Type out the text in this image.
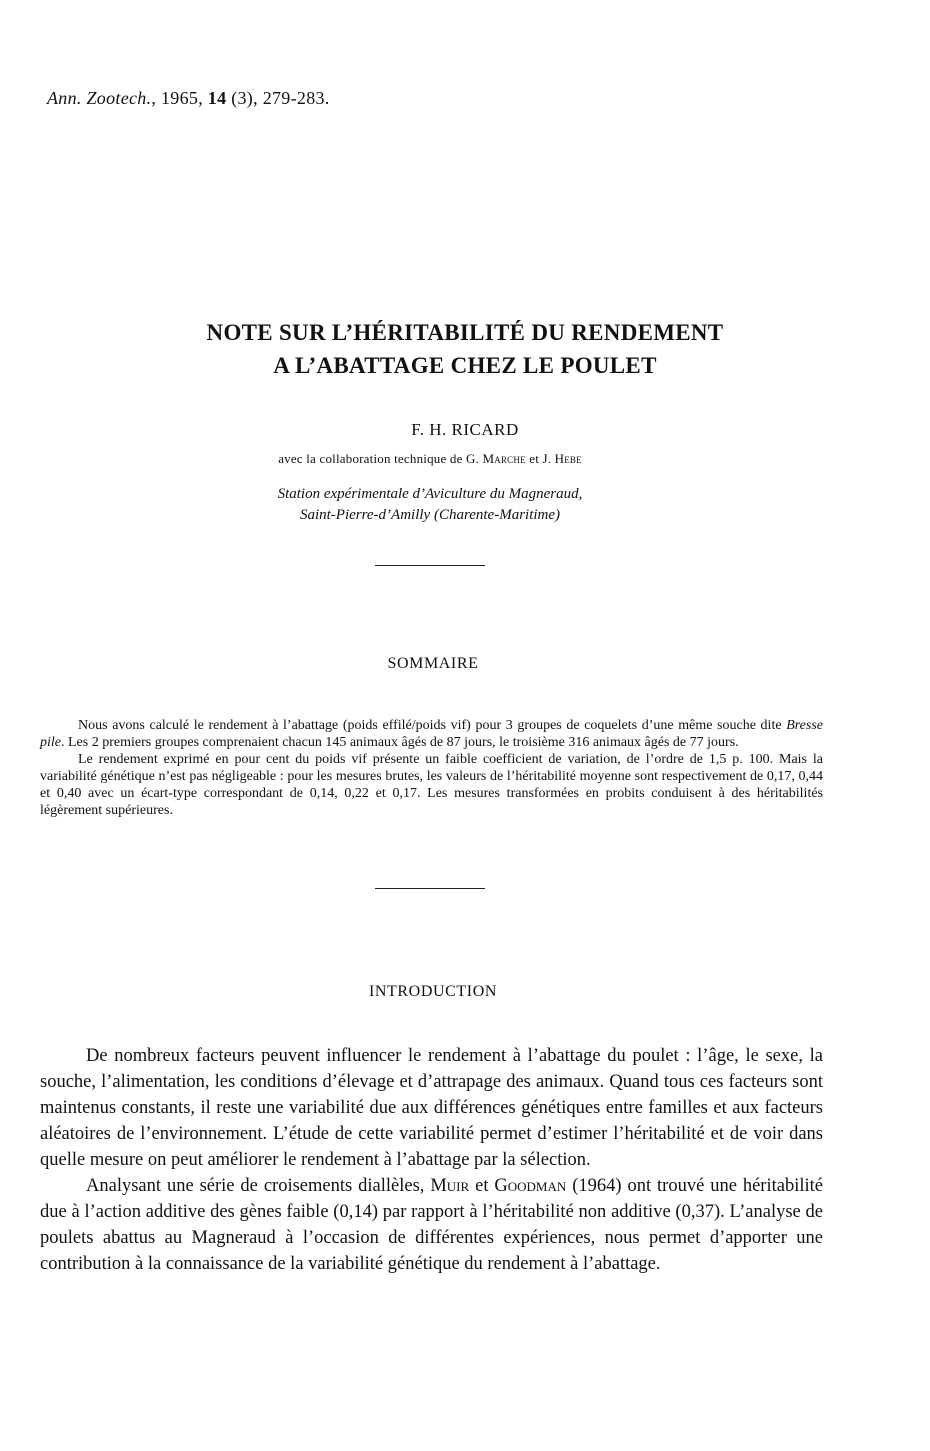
Ann. Zootech., 1965, 14 (3), 279-283.
NOTE SUR L’HÉRITABILITÉ DU RENDEMENT
A L’ABATTAGE CHEZ LE POULET
F. H. RICARD
avec la collaboration technique de G. Marche et J. Hebe
Station expérimentale d’Aviculture du Magneraud,
Saint-Pierre-d’Amilly (Charente-Maritime)
SOMMAIRE

Nous avons calculé le rendement à l’abattage (poids effilé/poids vif) pour 3 groupes de coquelets d’une même souche dite Bresse pile. Les 2 premiers groupes comprenaient chacun 145 animaux âgés de 87 jours, le troisième 316 animaux âgés de 77 jours.

Le rendement exprimé en pour cent du poids vif présente un faible coefficient de variation, de l’ordre de 1,5 p. 100. Mais la variabilité génétique n’est pas négligeable : pour les mesures brutes, les valeurs de l’héritabilité moyenne sont respectivement de 0,17, 0,44 et 0,40 avec un écart-type correspondant de 0,14, 0,22 et 0,17. Les mesures transformées en probits conduisent à des héritabilités légèrement supérieures.

INTRODUCTION

De nombreux facteurs peuvent influencer le rendement à l’abattage du poulet : l’âge, le sexe, la souche, l’alimentation, les conditions d’élevage et d’attrapage des animaux. Quand tous ces facteurs sont maintenus constants, il reste une variabilité due aux différences génétiques entre familles et aux facteurs aléatoires de l’environnement. L’étude de cette variabilité permet d’estimer l’héritabilité et de voir dans quelle mesure on peut améliorer le rendement à l’abattage par la sélection.

Analysant une série de croisements diallèles, Muir et Goodman (1964) ont trouvé une héritabilité due à l’action additive des gènes faible (0,14) par rapport à l’héritabilité non additive (0,37). L’analyse de poulets abattus au Magneraud à l’occasion de différentes expériences, nous permet d’apporter une contribution à la connaissance de la variabilité génétique du rendement à l’abattage.
